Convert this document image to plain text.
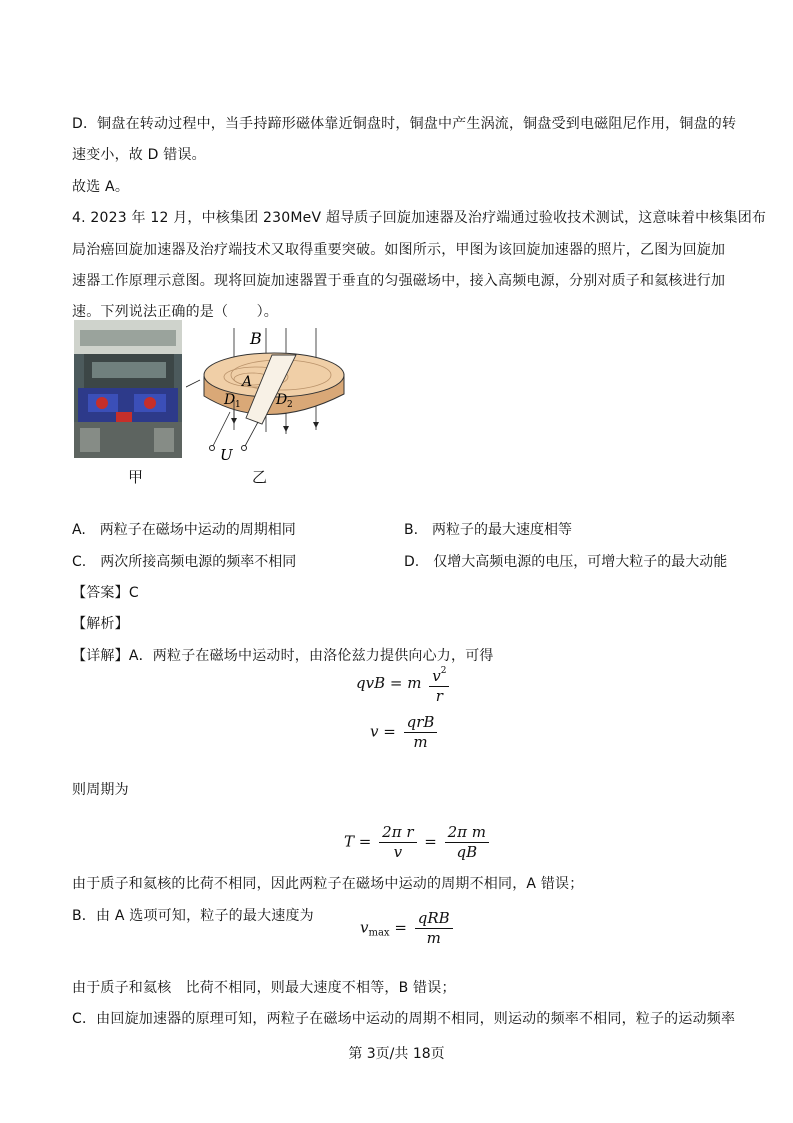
D．铜盘在转动过程中，当手持蹄形磁体靠近铜盘时，铜盘中产生涡流，铜盘受到电磁阻尼作用，铜盘的转
速变小，故 D 错误。
故选 A。
4. 2023 年 12 月，中核集团 230MeV 超导质子回旋加速器及治疗端通过验收技术测试，这意味着中核集团布
局治癌回旋加速器及治疗端技术又取得重要突破。如图所示，甲图为该回旋加速器的照片，乙图为回旋加
速器工作原理示意图。现将回旋加速器置于垂直的匀强磁场中，接入高频电源，分别对质子和氦核进行加
速。下列说法正确的是（　　）。
甲
B
A
D 1	D 2
U
乙
A.　两粒子在磁场中运动的周期相同	B.　两粒子的最大速度相等
C.　两次所接高频电源的频率不相同	D.　仅增大高频电源的电压，可增大粒子的最大动能
【答案】C
【解析】
【详解】A．两粒子在磁场中运动时，由洛伦兹力提供向心力，可得
qvB = m $\frac{v^2}{r}$
$v = \frac{\text{qrB}}{m}$
则周期为
$T = \frac{\text{2π r}}{v} = \frac{\text{2π m}}{qB}$
由于质子和氦核的比荷不相同，因此两粒子在磁场中运动的周期不相同，A 错误；
B．由 A 选项可知，粒子的最大速度为
$v_{max} = \frac{\text{qRB}}{m}$
由于质子和氦核　比荷不相同，则最大速度不相等，B 错误；
C．由回旋加速器的原理可知，两粒子在磁场中运动的周期不相同，则运动的频率不相同，粒子的运动频率
第 3页/共 18页
